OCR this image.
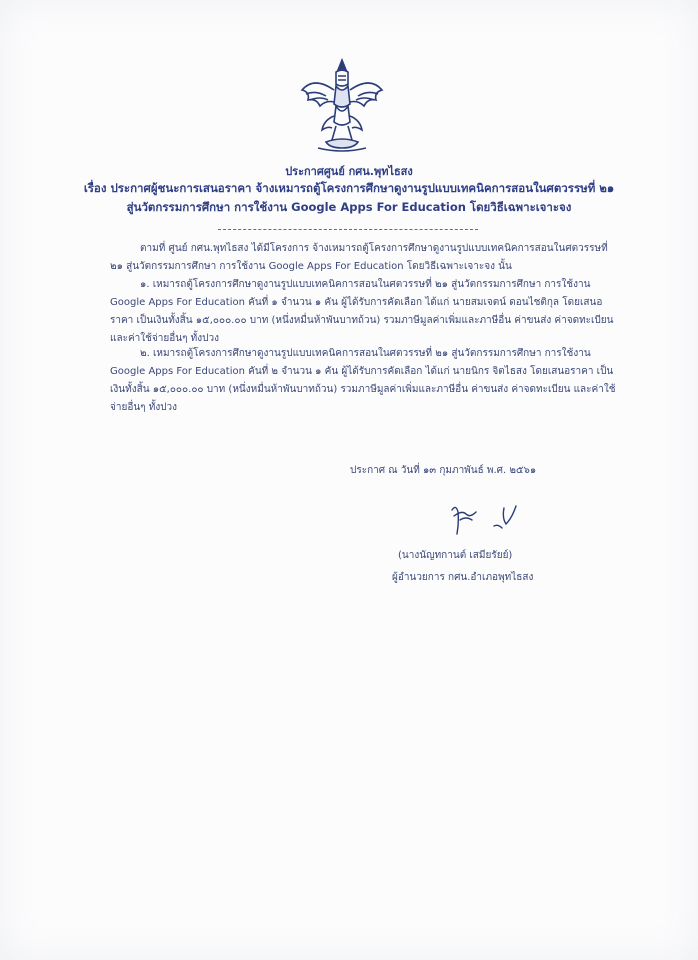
ประกาศศูนย์ กศน.พุทไธสง
เรื่อง ประกาศผู้ชนะการเสนอราคา จ้างเหมารถตู้โครงการศึกษาดูงานรูปแบบเทคนิคการสอนในศตวรรษที่ ๒๑
สู่นวัตกรรมการศึกษา การใช้งาน Google Apps For Education โดยวิธีเฉพาะเจาะจง

ตามที่ ศูนย์ กศน.พุทไธสง ได้มีโครงการ จ้างเหมารถตู้โครงการศึกษาดูงานรูปแบบเทคนิคการสอนในศตวรรษที่ ๒๑ สู่นวัตกรรมการศึกษา การใช้งาน Google Apps For Education โดยวิธีเฉพาะเจาะจง นั้น

๑. เหมารถตู้โครงการศึกษาดูงานรูปแบบเทคนิคการสอนในศตวรรษที่ ๒๑ สู่นวัตกรรมการศึกษา การใช้งาน Google Apps For Education คันที่ ๑ จำนวน ๑ คัน ผู้ได้รับการคัดเลือก ได้แก่ นายสมเจตน์ ดอนไชติกุล โดยเสนอราคา เป็นเงินทั้งสิ้น ๑๕,๐๐๐.๐๐ บาท (หนึ่งหมื่นห้าพันบาทถ้วน) รวมภาษีมูลค่าเพิ่มและภาษีอื่น ค่าขนส่ง ค่าจดทะเบียน และค่าใช้จ่ายอื่นๆ ทั้งปวง

๒. เหมารถตู้โครงการศึกษาดูงานรูปแบบเทคนิคการสอนในศตวรรษที่ ๒๑ สู่นวัตกรรมการศึกษา การใช้งาน Google Apps For Education คันที่ ๒ จำนวน ๑ คัน ผู้ได้รับการคัดเลือก ได้แก่ นายนิกร จิตไธสง โดยเสนอราคา เป็นเงินทั้งสิ้น ๑๕,๐๐๐.๐๐ บาท (หนึ่งหมื่นห้าพันบาทถ้วน) รวมภาษีมูลค่าเพิ่มและภาษีอื่น ค่าขนส่ง ค่าจดทะเบียน และค่าใช้จ่ายอื่นๆ ทั้งปวง

ประกาศ ณ วันที่ ๑๓ กุมภาพันธ์ พ.ศ. ๒๕๖๑
(นางนัญทกานต์ เสมียรัยย์)
ผู้อำนวยการ กศน.อำเภอพุทไธสง
